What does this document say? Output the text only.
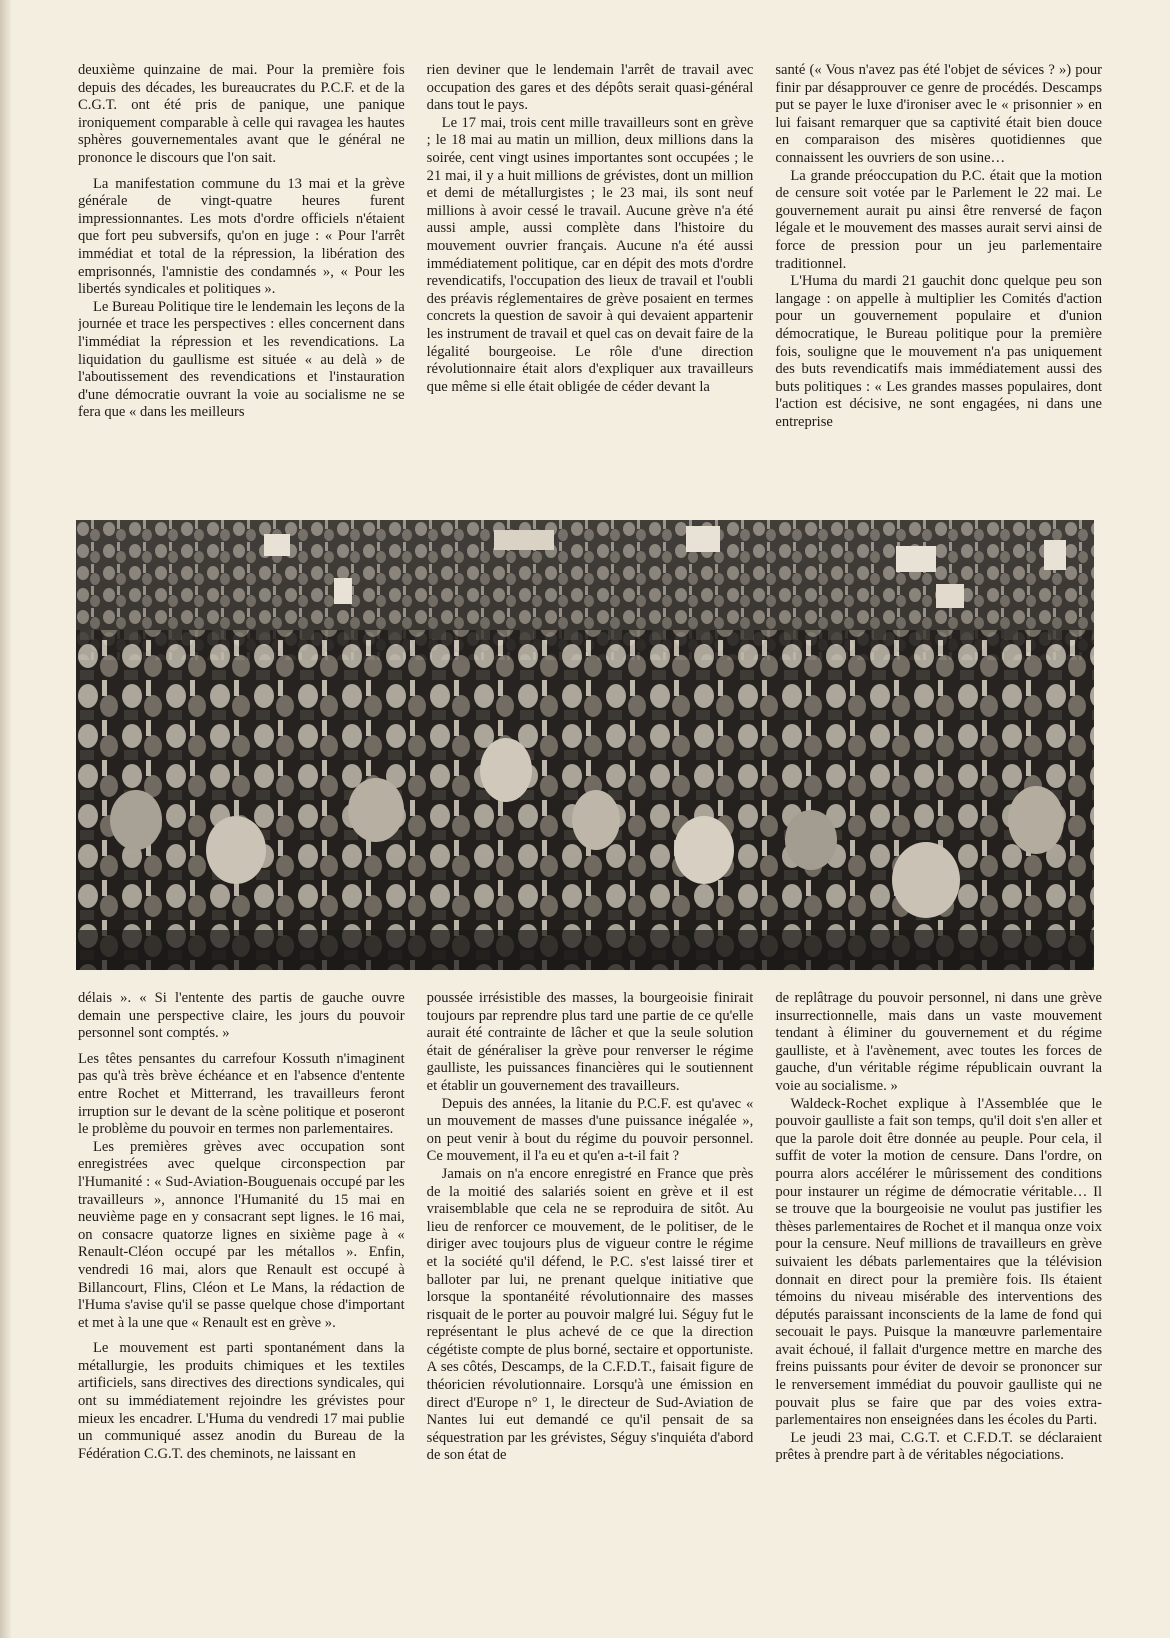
deuxième quinzaine de mai. Pour la première fois depuis des décades, les bureaucrates du P.C.F. et de la C.G.T. ont été pris de panique, une panique ironiquement comparable à celle qui ravagea les hautes sphères gouvernementales avant que le général ne prononce le discours que l'on sait.

La manifestation commune du 13 mai et la grève générale de vingt-quatre heures furent impressionnantes. Les mots d'ordre officiels n'étaient que fort peu subversifs, qu'on en juge : « Pour l'arrêt immédiat et total de la répression, la libération des emprisonnés, l'amnistie des condamnés », « Pour les libertés syndicales et politiques ».

Le Bureau Politique tire le lendemain les leçons de la journée et trace les perspectives : elles concernent dans l'immédiat la répression et les revendications. La liquidation du gaullisme est située « au delà » de l'aboutissement des revendications et l'instauration d'une démocratie ouvrant la voie au socialisme ne se fera que « dans les meilleurs

rien deviner que le lendemain l'arrêt de travail avec occupation des gares et des dépôts serait quasi-général dans tout le pays.

Le 17 mai, trois cent mille travailleurs sont en grève ; le 18 mai au matin un million, deux millions dans la soirée, cent vingt usines importantes sont occupées ; le 21 mai, il y a huit millions de grévistes, dont un million et demi de métallurgistes ; le 23 mai, ils sont neuf millions à avoir cessé le travail. Aucune grève n'a été aussi ample, aussi complète dans l'histoire du mouvement ouvrier français. Aucune n'a été aussi immédiatement politique, car en dépit des mots d'ordre revendicatifs, l'occupation des lieux de travail et l'oubli des préavis réglementaires de grève posaient en termes concrets la question de savoir à qui devaient appartenir les instrument de travail et quel cas on devait faire de la légalité bourgeoise. Le rôle d'une direction révolutionnaire était alors d'expliquer aux travailleurs que même si elle était obligée de céder devant la

santé (« Vous n'avez pas été l'objet de sévices ? ») pour finir par désapprouver ce genre de procédés. Descamps put se payer le luxe d'ironiser avec le « prisonnier » en lui faisant remarquer que sa captivité était bien douce en comparaison des misères quotidiennes que connaissent les ouvriers de son usine…

La grande préoccupation du P.C. était que la motion de censure soit votée par le Parlement le 22 mai. Le gouvernement aurait pu ainsi être renversé de façon légale et le mouvement des masses aurait servi ainsi de force de pression pour un jeu parlementaire traditionnel.

L'Huma du mardi 21 gauchit donc quelque peu son langage : on appelle à multiplier les Comités d'action pour un gouvernement populaire et d'union démocratique, le Bureau politique pour la première fois, souligne que le mouvement n'a pas uniquement des buts revendicatifs mais immédiatement aussi des buts politiques : « Les grandes masses populaires, dont l'action est décisive, ne sont engagées, ni dans une entreprise

délais ». « Si l'entente des partis de gauche ouvre demain une perspective claire, les jours du pouvoir personnel sont comptés. »

Les têtes pensantes du carrefour Kossuth n'imaginent pas qu'à très brève échéance et en l'absence d'entente entre Rochet et Mitterrand, les travailleurs feront irruption sur le devant de la scène politique et poseront le problème du pouvoir en termes non parlementaires.

Les premières grèves avec occupation sont enregistrées avec quelque circonspection par l'Humanité : « Sud-Aviation-Bouguenais occupé par les travailleurs », annonce l'Humanité du 15 mai en neuvième page en y consacrant sept lignes. le 16 mai, on consacre quatorze lignes en sixième page à « Renault-Cléon occupé par les métallos ». Enfin, vendredi 16 mai, alors que Renault est occupé à Billancourt, Flins, Cléon et Le Mans, la rédaction de l'Huma s'avise qu'il se passe quelque chose d'important et met à la une que « Renault est en grève ».

Le mouvement est parti spontanément dans la métallurgie, les produits chimiques et les textiles artificiels, sans directives des directions syndicales, qui ont su immédiatement rejoindre les grévistes pour mieux les encadrer. L'Huma du vendredi 17 mai publie un communiqué assez anodin du Bureau de la Fédération C.G.T. des cheminots, ne laissant en

poussée irrésistible des masses, la bourgeoisie finirait toujours par reprendre plus tard une partie de ce qu'elle aurait été contrainte de lâcher et que la seule solution était de généraliser la grève pour renverser le régime gaulliste, les puissances financières qui le soutiennent et établir un gouvernement des travailleurs.

Depuis des années, la litanie du P.C.F. est qu'avec « un mouvement de masses d'une puissance inégalée », on peut venir à bout du régime du pouvoir personnel. Ce mouvement, il l'a eu et qu'en a-t-il fait ?

Jamais on n'a encore enregistré en France que près de la moitié des salariés soient en grève et il est vraisemblable que cela ne se reproduira de sitôt. Au lieu de renforcer ce mouvement, de le politiser, de le diriger avec toujours plus de vigueur contre le régime et la société qu'il défend, le P.C. s'est laissé tirer et balloter par lui, ne prenant quelque initiative que lorsque la spontanéité révolutionnaire des masses risquait de le porter au pouvoir malgré lui. Séguy fut le représentant le plus achevé de ce que la direction cégétiste compte de plus borné, sectaire et opportuniste. A ses côtés, Descamps, de la C.F.D.T., faisait figure de théoricien révolutionnaire. Lorsqu'à une émission en direct d'Europe n° 1, le directeur de Sud-Aviation de Nantes lui eut demandé ce qu'il pensait de sa séquestration par les grévistes, Séguy s'inquiéta d'abord de son état de

de replâtrage du pouvoir personnel, ni dans une grève insurrectionnelle, mais dans un vaste mouvement tendant à éliminer du gouvernement et du régime gaulliste, et à l'avènement, avec toutes les forces de gauche, d'un véritable régime républicain ouvrant la voie au socialisme. »

Waldeck-Rochet explique à l'Assemblée que le pouvoir gaulliste a fait son temps, qu'il doit s'en aller et que la parole doit être donnée au peuple. Pour cela, il suffit de voter la motion de censure. Dans l'ordre, on pourra alors accélérer le mûrissement des conditions pour instaurer un régime de démocratie véritable… Il se trouve que la bourgeoisie ne voulut pas justifier les thèses parlementaires de Rochet et il manqua onze voix pour la censure. Neuf millions de travailleurs en grève suivaient les débats parlementaires que la télévision donnait en direct pour la première fois. Ils étaient témoins du niveau misérable des interventions des députés paraissant inconscients de la lame de fond qui secouait le pays. Puisque la manœuvre parlementaire avait échoué, il fallait d'urgence mettre en marche des freins puissants pour éviter de devoir se prononcer sur le renversement immédiat du pouvoir gaulliste qui ne pouvait plus se faire que par des voies extra-parlementaires non enseignées dans les écoles du Parti.

Le jeudi 23 mai, C.G.T. et C.F.D.T. se déclaraient prêtes à prendre part à de véritables négociations.
